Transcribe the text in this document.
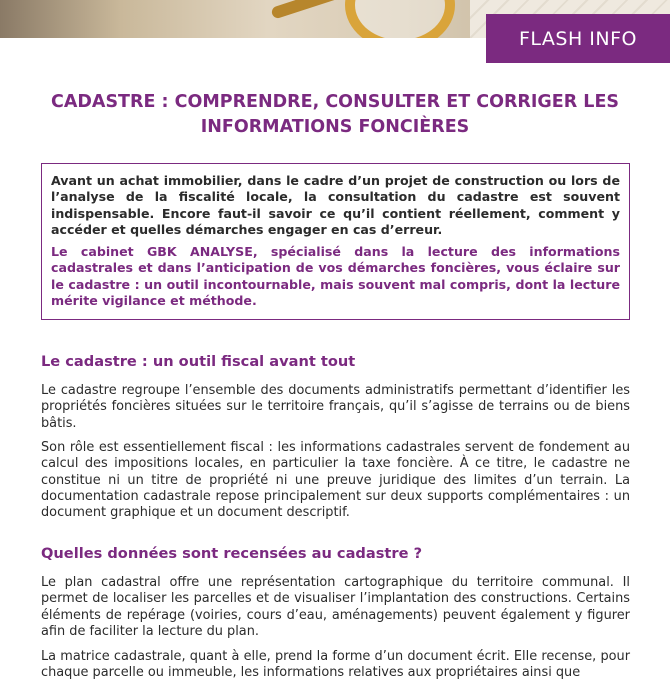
FLASH INFO
CADASTRE : COMPRENDRE, CONSULTER ET CORRIGER LES INFORMATIONS FONCIÈRES

Avant un achat immobilier, dans le cadre d’un projet de construction ou lors de l’analyse de la fiscalité locale, la consultation du cadastre est souvent indispensable. Encore faut-il savoir ce qu’il contient réellement, comment y accéder et quelles démarches engager en cas d’erreur.

Le cabinet GBK ANALYSE, spécialisé dans la lecture des informations cadastrales et dans l’anticipation de vos démarches foncières, vous éclaire sur le cadastre : un outil incontournable, mais souvent mal compris, dont la lecture mérite vigilance et méthode.

Le cadastre : un outil fiscal avant tout

Le cadastre regroupe l’ensemble des documents administratifs permettant d’identifier les propriétés foncières situées sur le territoire français, qu’il s’agisse de terrains ou de biens bâtis.

Son rôle est essentiellement fiscal : les informations cadastrales servent de fondement au calcul des impositions locales, en particulier la taxe foncière. À ce titre, le cadastre ne constitue ni un titre de propriété ni une preuve juridique des limites d’un terrain. La documentation cadastrale repose principalement sur deux supports complémentaires : un document graphique et un document descriptif.

Quelles données sont recensées au cadastre ?

Le plan cadastral offre une représentation cartographique du territoire communal. Il permet de localiser les parcelles et de visualiser l’implantation des constructions. Certains éléments de repérage (voiries, cours d’eau, aménagements) peuvent également y figurer afin de faciliter la lecture du plan.

La matrice cadastrale, quant à elle, prend la forme d’un document écrit. Elle recense, pour chaque parcelle ou immeuble, les informations relatives aux propriétaires ainsi que
